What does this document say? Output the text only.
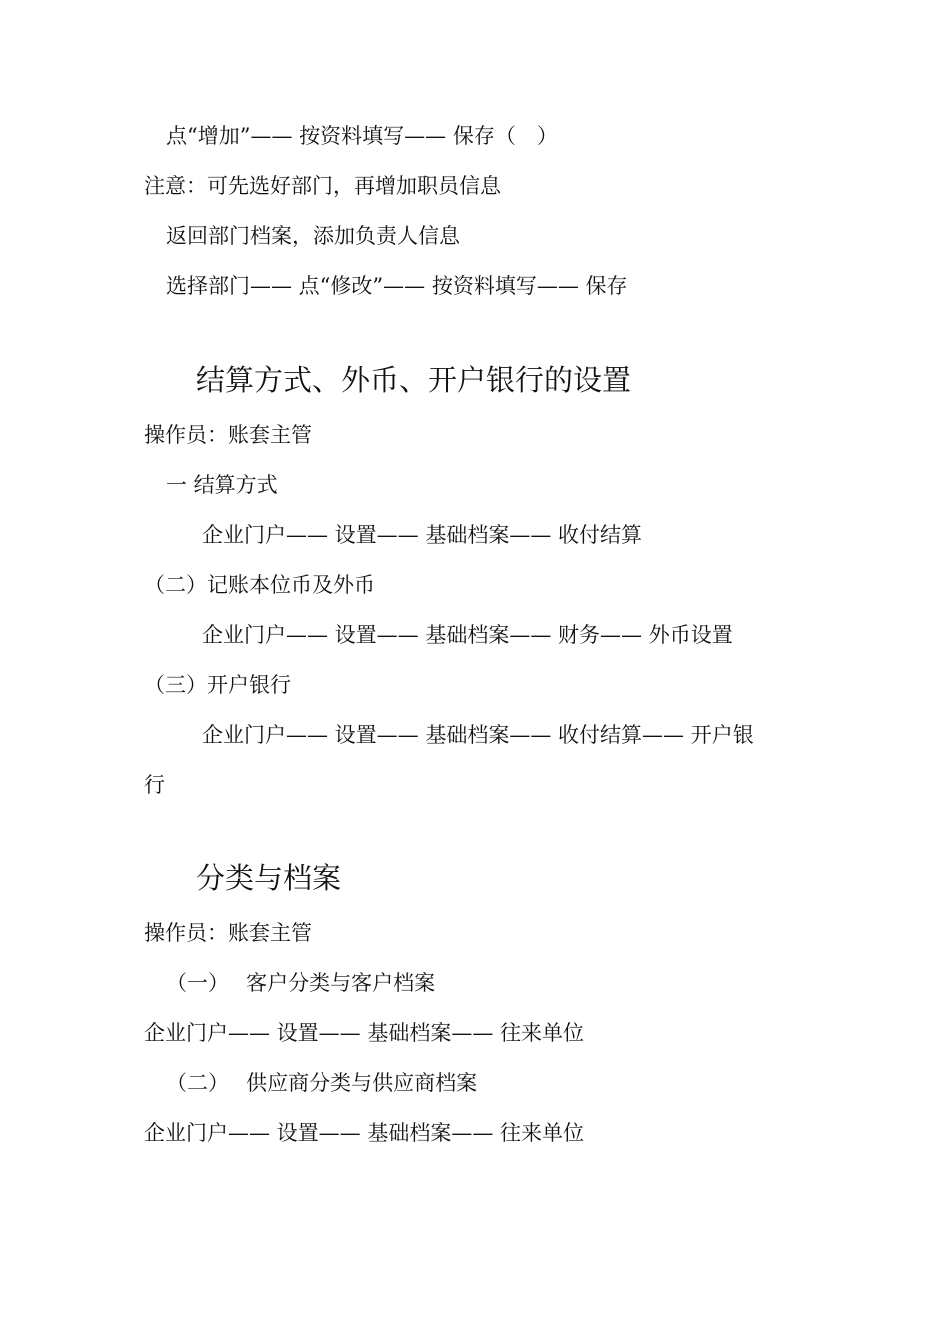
点“增加”—— 按资料填写—— 保存（　）
注意：可先选好部门，再增加职员信息
返回部门档案，添加负责人信息
选择部门—— 点“修改”—— 按资料填写—— 保存
结算方式、外币、开户银行的设置
操作员：账套主管
一 结算方式
企业门户—— 设置—— 基础档案—— 收付结算
（二）记账本位币及外币
企业门户—— 设置—— 基础档案—— 财务—— 外币设置
（三）开户银行
企业门户—— 设置—— 基础档案—— 收付结算—— 开户银
行
分类与档案
操作员：账套主管
（一）　 客户分类与客户档案
企业门户—— 设置—— 基础档案—— 往来单位
（二）　 供应商分类与供应商档案
企业门户—— 设置—— 基础档案—— 往来单位
